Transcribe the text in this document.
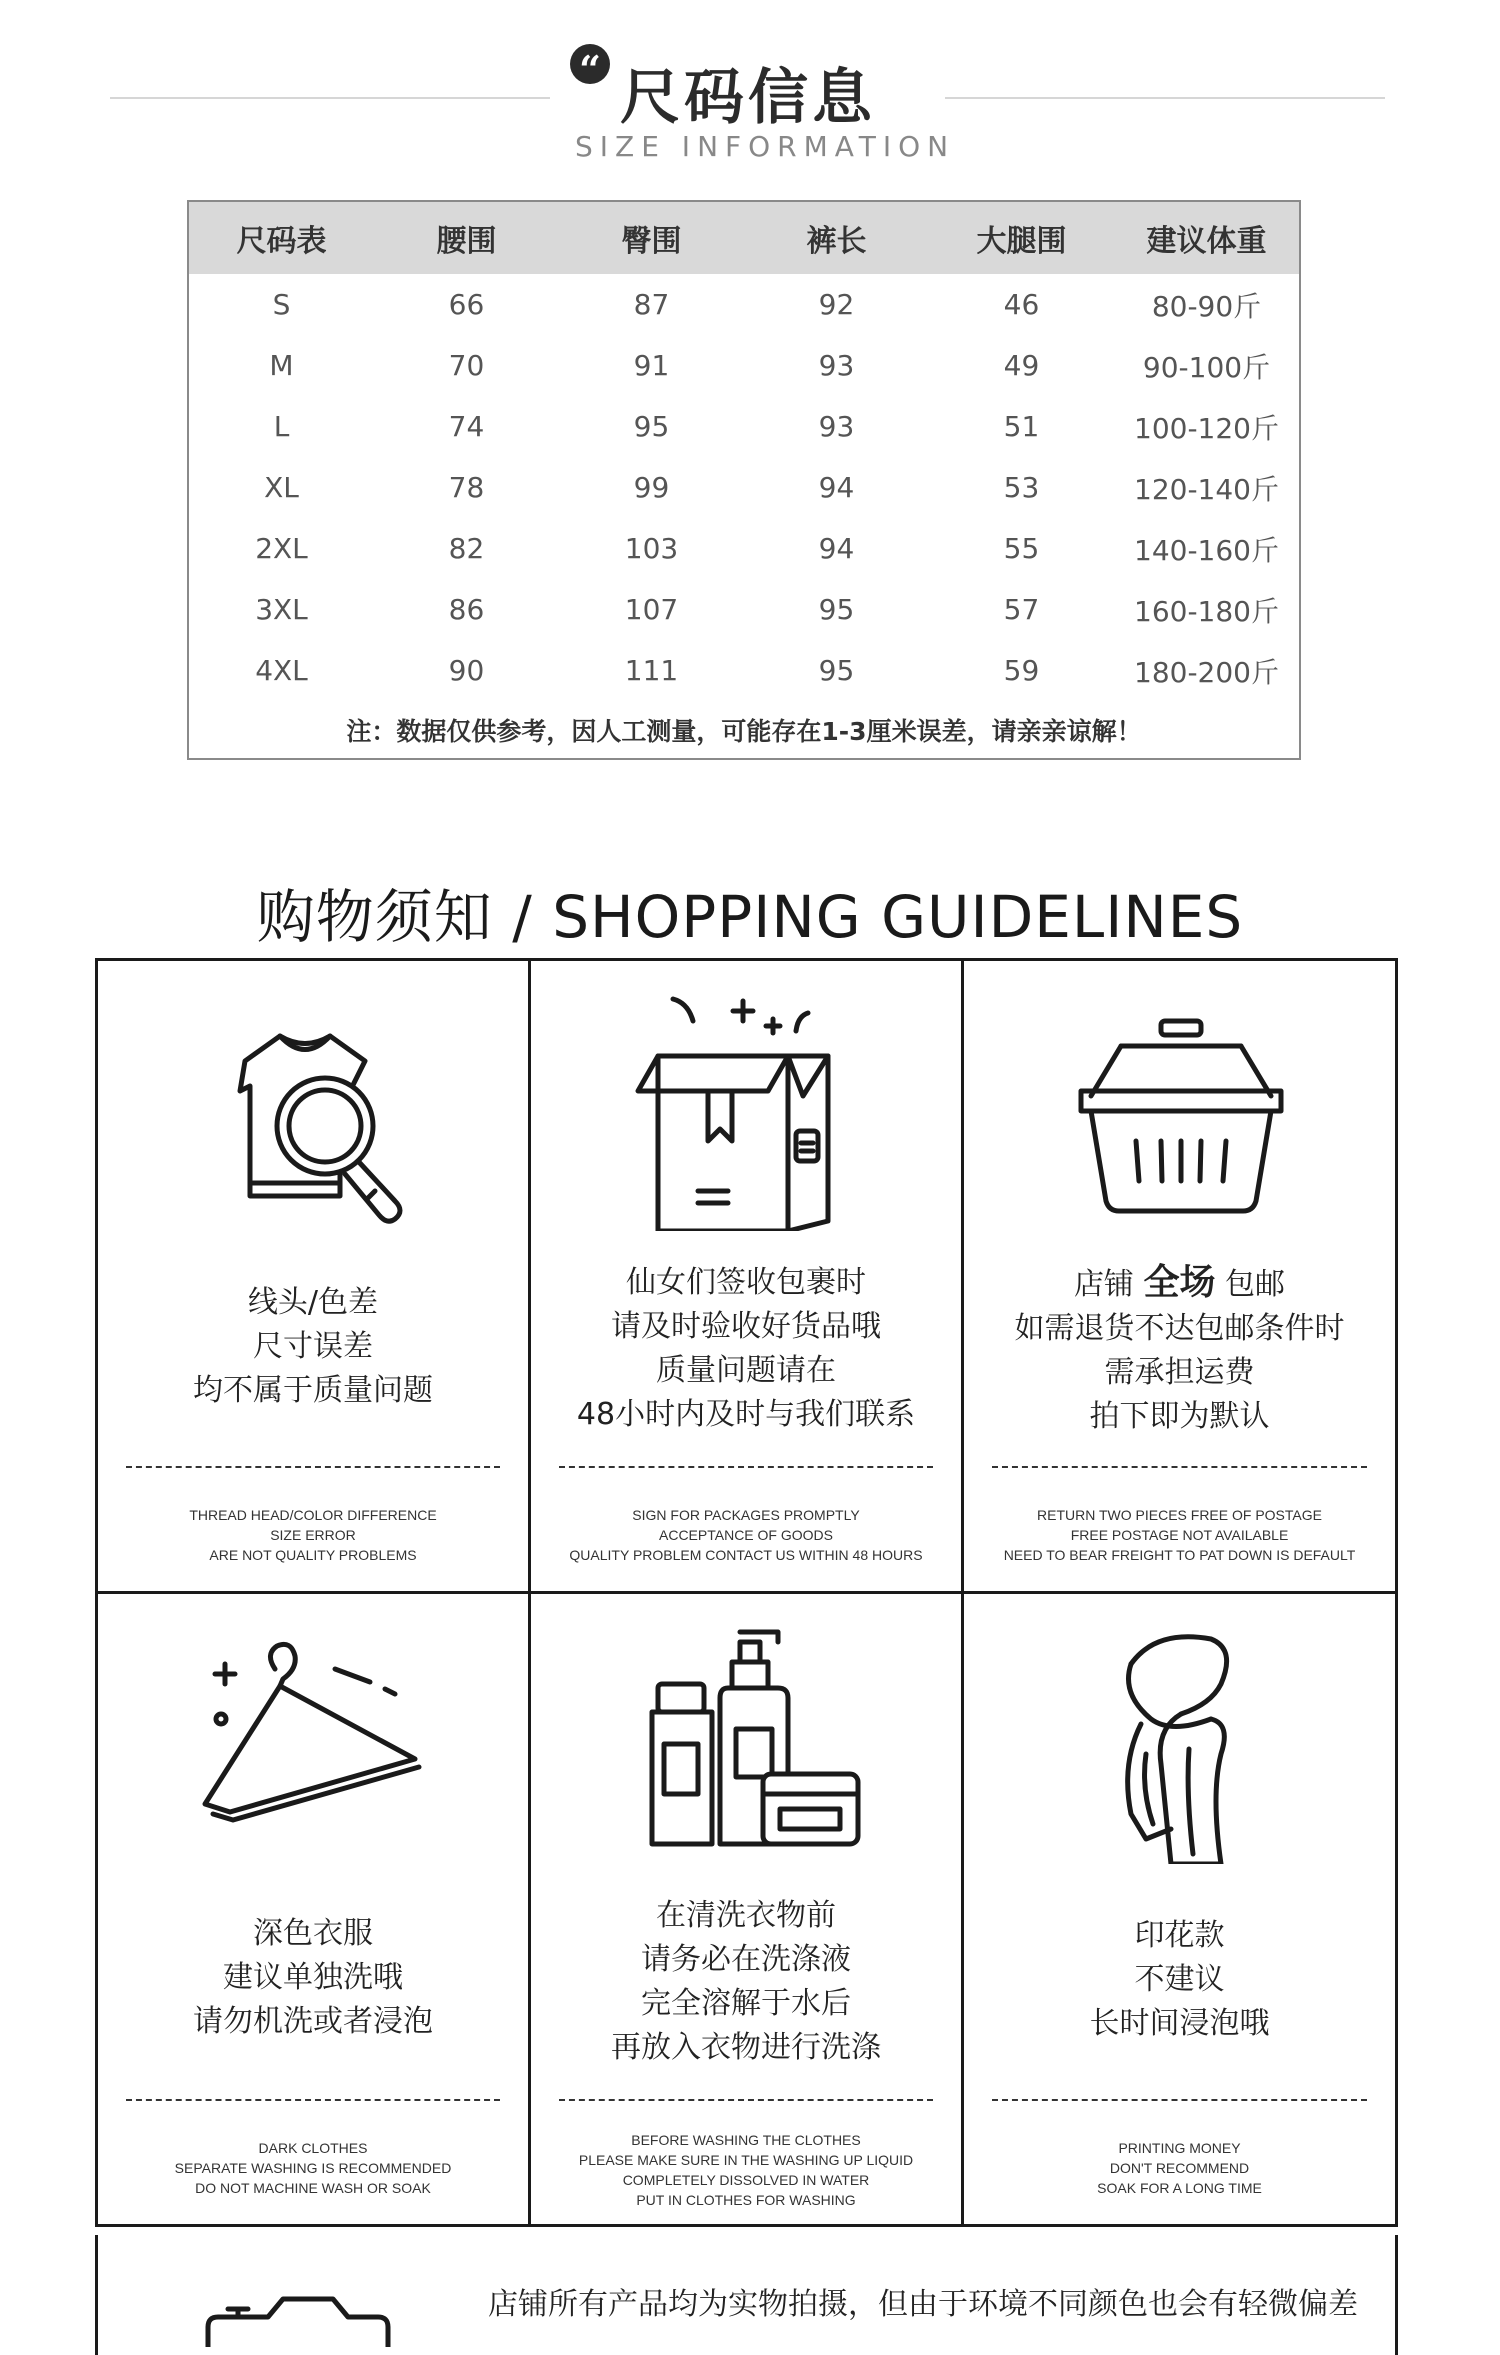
“ 尺码信息
SIZE INFORMATION
尺码表	腰围	臀围	裤长	大腿围	建议体重
S	66	87	92	46	80-90斤
M	70	91	93	49	90-100斤
L	74	95	93	51	100-120斤
XL	78	99	94	53	120-140斤
2XL	82	103	94	55	140-160斤
3XL	86	107	95	57	160-180斤
4XL	90	111	95	59	180-200斤
注：数据仅供参考，因人工测量，可能存在1-3厘米误差，请亲亲谅解！
购物须知 / SHOPPING GUIDELINES
线头/色差
尺寸误差
均不属于质量问题
THREAD HEAD/COLOR DIFFERENCE
SIZE ERROR
ARE NOT QUALITY PROBLEMS
仙女们签收包裹时
请及时验收好货品哦
质量问题请在
48小时内及时与我们联系
SIGN FOR PACKAGES PROMPTLY
ACCEPTANCE OF GOODS
QUALITY PROBLEM CONTACT US WITHIN 48 HOURS
店铺 全场 包邮
如需退货不达包邮条件时
需承担运费
拍下即为默认
RETURN TWO PIECES FREE OF POSTAGE
FREE POSTAGE NOT AVAILABLE
NEED TO BEAR FREIGHT TO PAT DOWN IS DEFAULT
深色衣服
建议单独洗哦
请勿机洗或者浸泡
DARK CLOTHES
SEPARATE WASHING IS RECOMMENDED
DO NOT MACHINE WASH OR SOAK
在清洗衣物前
请务必在洗涤液
完全溶解于水后
再放入衣物进行洗涤
BEFORE WASHING THE CLOTHES
PLEASE MAKE SURE IN THE WASHING UP LIQUID
COMPLETELY DISSOLVED IN WATER
PUT IN CLOTHES FOR WASHING
印花款
不建议
长时间浸泡哦
PRINTING MONEY
DON'T RECOMMEND
SOAK FOR A LONG TIME
店铺所有产品均为实物拍摄，但由于环境不同颜色也会有轻微偏差
